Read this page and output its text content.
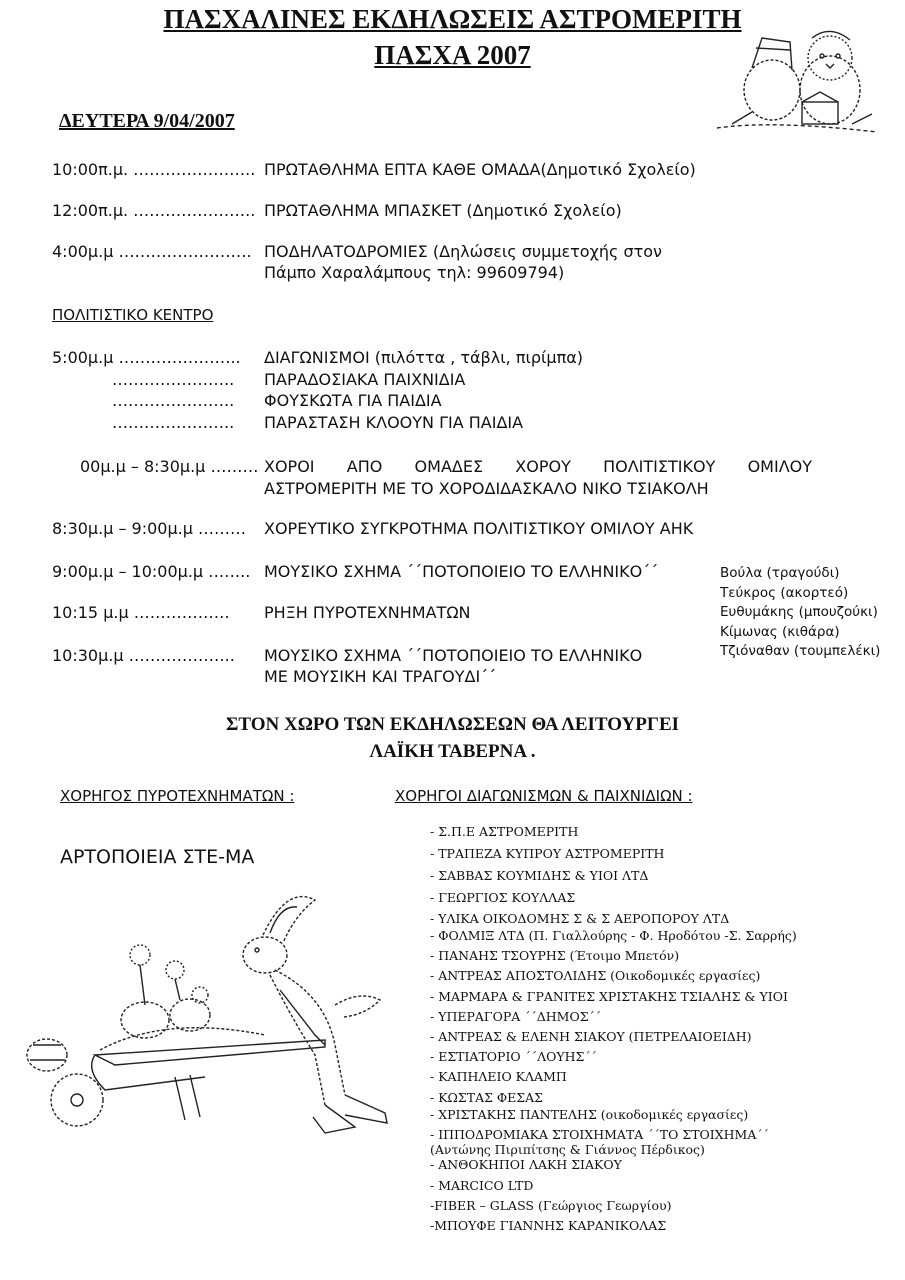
ΠΑΣΧΑΛΙΝΕΣ ΕΚΔΗΛΩΣΕΙΣ ΑΣΤΡΟΜΕΡΙΤΗ
ΠΑΣΧΑ 2007
ΔΕΥΤΕΡΑ 9/04/2007
10:00π.μ. ………………….. ΠΡΩΤΑΘΛΗΜΑ ΕΠΤΑ ΚΑΘΕ ΟΜΑΔΑ(Δημοτικό Σχολείο)
12:00π.μ. ………………….. ΠΡΩΤΑΘΛΗΜΑ ΜΠΑΣΚΕΤ (Δημοτικό Σχολείο)
4:00μ.μ ……………………. ΠΟΔΗΛΑΤΟΔΡΟΜΙΕΣ (Δηλώσεις συμμετοχής στον
Πάμπο Χαραλάμπους τηλ: 99609794)
ΠΟΛΙΤΙΣΤΙΚΟ ΚΕΝΤΡΟ
5:00μ.μ ………………….. ΔΙΑΓΩΝΙΣΜΟΙ (πιλόττα , τάβλι, πιρίμπα)
………………….. ΠΑΡΑΔΟΣΙΑΚΑ ΠΑΙΧΝΙΔΙΑ
………………….. ΦΟΥΣΚΩΤΑ ΓΙΑ ΠΑΙΔΙΑ
………………….. ΠΑΡΑΣΤΑΣΗ ΚΛΟΟΥΝ ΓΙΑ ΠΑΙΔΙΑ
00μ.μ – 8:30μ.μ ……… ΧΟΡΟΙ ΑΠΟ ΟΜΑΔΕΣ ΧΟΡΟΥ ΠΟΛΙΤΙΣΤΙΚΟΥ ΟΜΙΛΟΥ
ΑΣΤΡΟΜΕΡΙΤΗ ΜΕ ΤΟ ΧΟΡΟΔΙΔΑΣΚΑΛΟ ΝΙΚΟ ΤΣΙΑΚΟΛΗ
8:30μ.μ – 9:00μ.μ ……… ΧΟΡΕΥΤΙΚΟ ΣΥΓΚΡΟΤΗΜΑ ΠΟΛΙΤΙΣΤΙΚΟΥ ΟΜΙΛΟΥ ΑΗΚ
9:00μ.μ – 10:00μ.μ …….. ΜΟΥΣΙΚΟ ΣΧΗΜΑ ΄΄ΠΟΤΟΠΟΙΕΙΟ ΤΟ ΕΛΛΗΝΙΚΟ΄΄
10:15 μ.μ ……………… ΡΗΞΗ ΠΥΡΟΤΕΧΝΗΜΑΤΩΝ
10:30μ.μ ……………….. ΜΟΥΣΙΚΟ ΣΧΗΜΑ ΄΄ΠΟΤΟΠΟΙΕΙΟ ΤΟ ΕΛΛΗΝΙΚΟ
ΜΕ ΜΟΥΣΙΚΗ ΚΑΙ ΤΡΑΓΟΥΔΙ΄΄
Βούλα (τραγούδι)
Τεύκρος (ακορτεό)
Ευθυμάκης (μπουζούκι)
Κίμωνας (κιθάρα)
Τζιόναθαν (τουμπελέκι)
ΣΤΟΝ ΧΩΡΟ ΤΩΝ ΕΚΔΗΛΩΣΕΩΝ ΘΑ ΛΕΙΤΟΥΡΓΕΙ
ΛΑΪΚΗ ΤΑΒΕΡΝΑ .
ΧΟΡΗΓΟΣ ΠΥΡΟΤΕΧΝΗΜΑΤΩΝ :	ΧΟΡΗΓΟΙ ΔΙΑΓΩΝΙΣΜΩΝ & ΠΑΙΧΝΙΔΙΩΝ :
ΑΡΤΟΠΟΙΕΙΑ ΣΤΕ-ΜΑ
- Σ.Π.Ε ΑΣΤΡΟΜΕΡΙΤΗ
- ΤΡΑΠΕΖΑ ΚΥΠΡΟΥ ΑΣΤΡΟΜΕΡΙΤΗ
- ΣΑΒΒΑΣ ΚΟΥΜΙΔΗΣ & ΥΙΟΙ ΛΤΔ
- ΓΕΩΡΓΙΟΣ ΚΟΥΛΛΑΣ
- ΥΛΙΚΑ ΟΙΚΟΔΟΜΗΣ Σ & Σ ΑΕΡΟΠΟΡΟΥ ΛΤΔ
- ΦΟΛΜΙΞ ΛΤΔ (Π. Γιαλλούρης - Φ. Ηροδότου -Σ. Σαρρής)
- ΠΑΝΑΗΣ ΤΣΟΥΡΗΣ (Έτοιμο Μπετόν)
- ΑΝΤΡΕΑΣ ΑΠΟΣΤΟΛΙΔΗΣ (Οικοδομικές εργασίες)
- ΜΑΡΜΑΡΑ & ΓΡΑΝΙΤΕΣ ΧΡΙΣΤΑΚΗΣ ΤΣΙΑΛΗΣ & ΥΙΟΙ
- ΥΠΕΡΑΓΟΡΑ ΄΄ΔΗΜΟΣ΄΄
- ΑΝΤΡΕΑΣ & ΕΛΕΝΗ ΣΙΑΚΟΥ (ΠΕΤΡΕΛΑΙΟΕΙΔΗ)
- ΕΣΤΙΑΤΟΡΙΟ ΄΄ΛΟΥΗΣ΄΄
- ΚΑΠΗΛΕΙΟ ΚΛΑΜΠ
- ΚΩΣΤΑΣ ΦΕΣΑΣ
- ΧΡΙΣΤΑΚΗΣ ΠΑΝΤΕΛΗΣ (οικοδομικές εργασίες)
- ΙΠΠΟΔΡΟΜΙΑΚΑ ΣΤΟΙΧΗΜΑΤΑ ΄΄ΤΟ ΣΤΟΙΧΗΜΑ΄΄
(Αντώνης Πιριπίτσης & Γιάννος Πέρδικος)
- ΑΝΘΟΚΗΠΟΙ ΛΑΚΗ ΣΙΑΚΟΥ
- MARCICO LTD
-FIBER – GLASS (Γεώργιος Γεωργίου)
-ΜΠΟΥΦΕ ΓΙΑΝΝΗΣ ΚΑΡΑΝΙΚΟΛΑΣ
